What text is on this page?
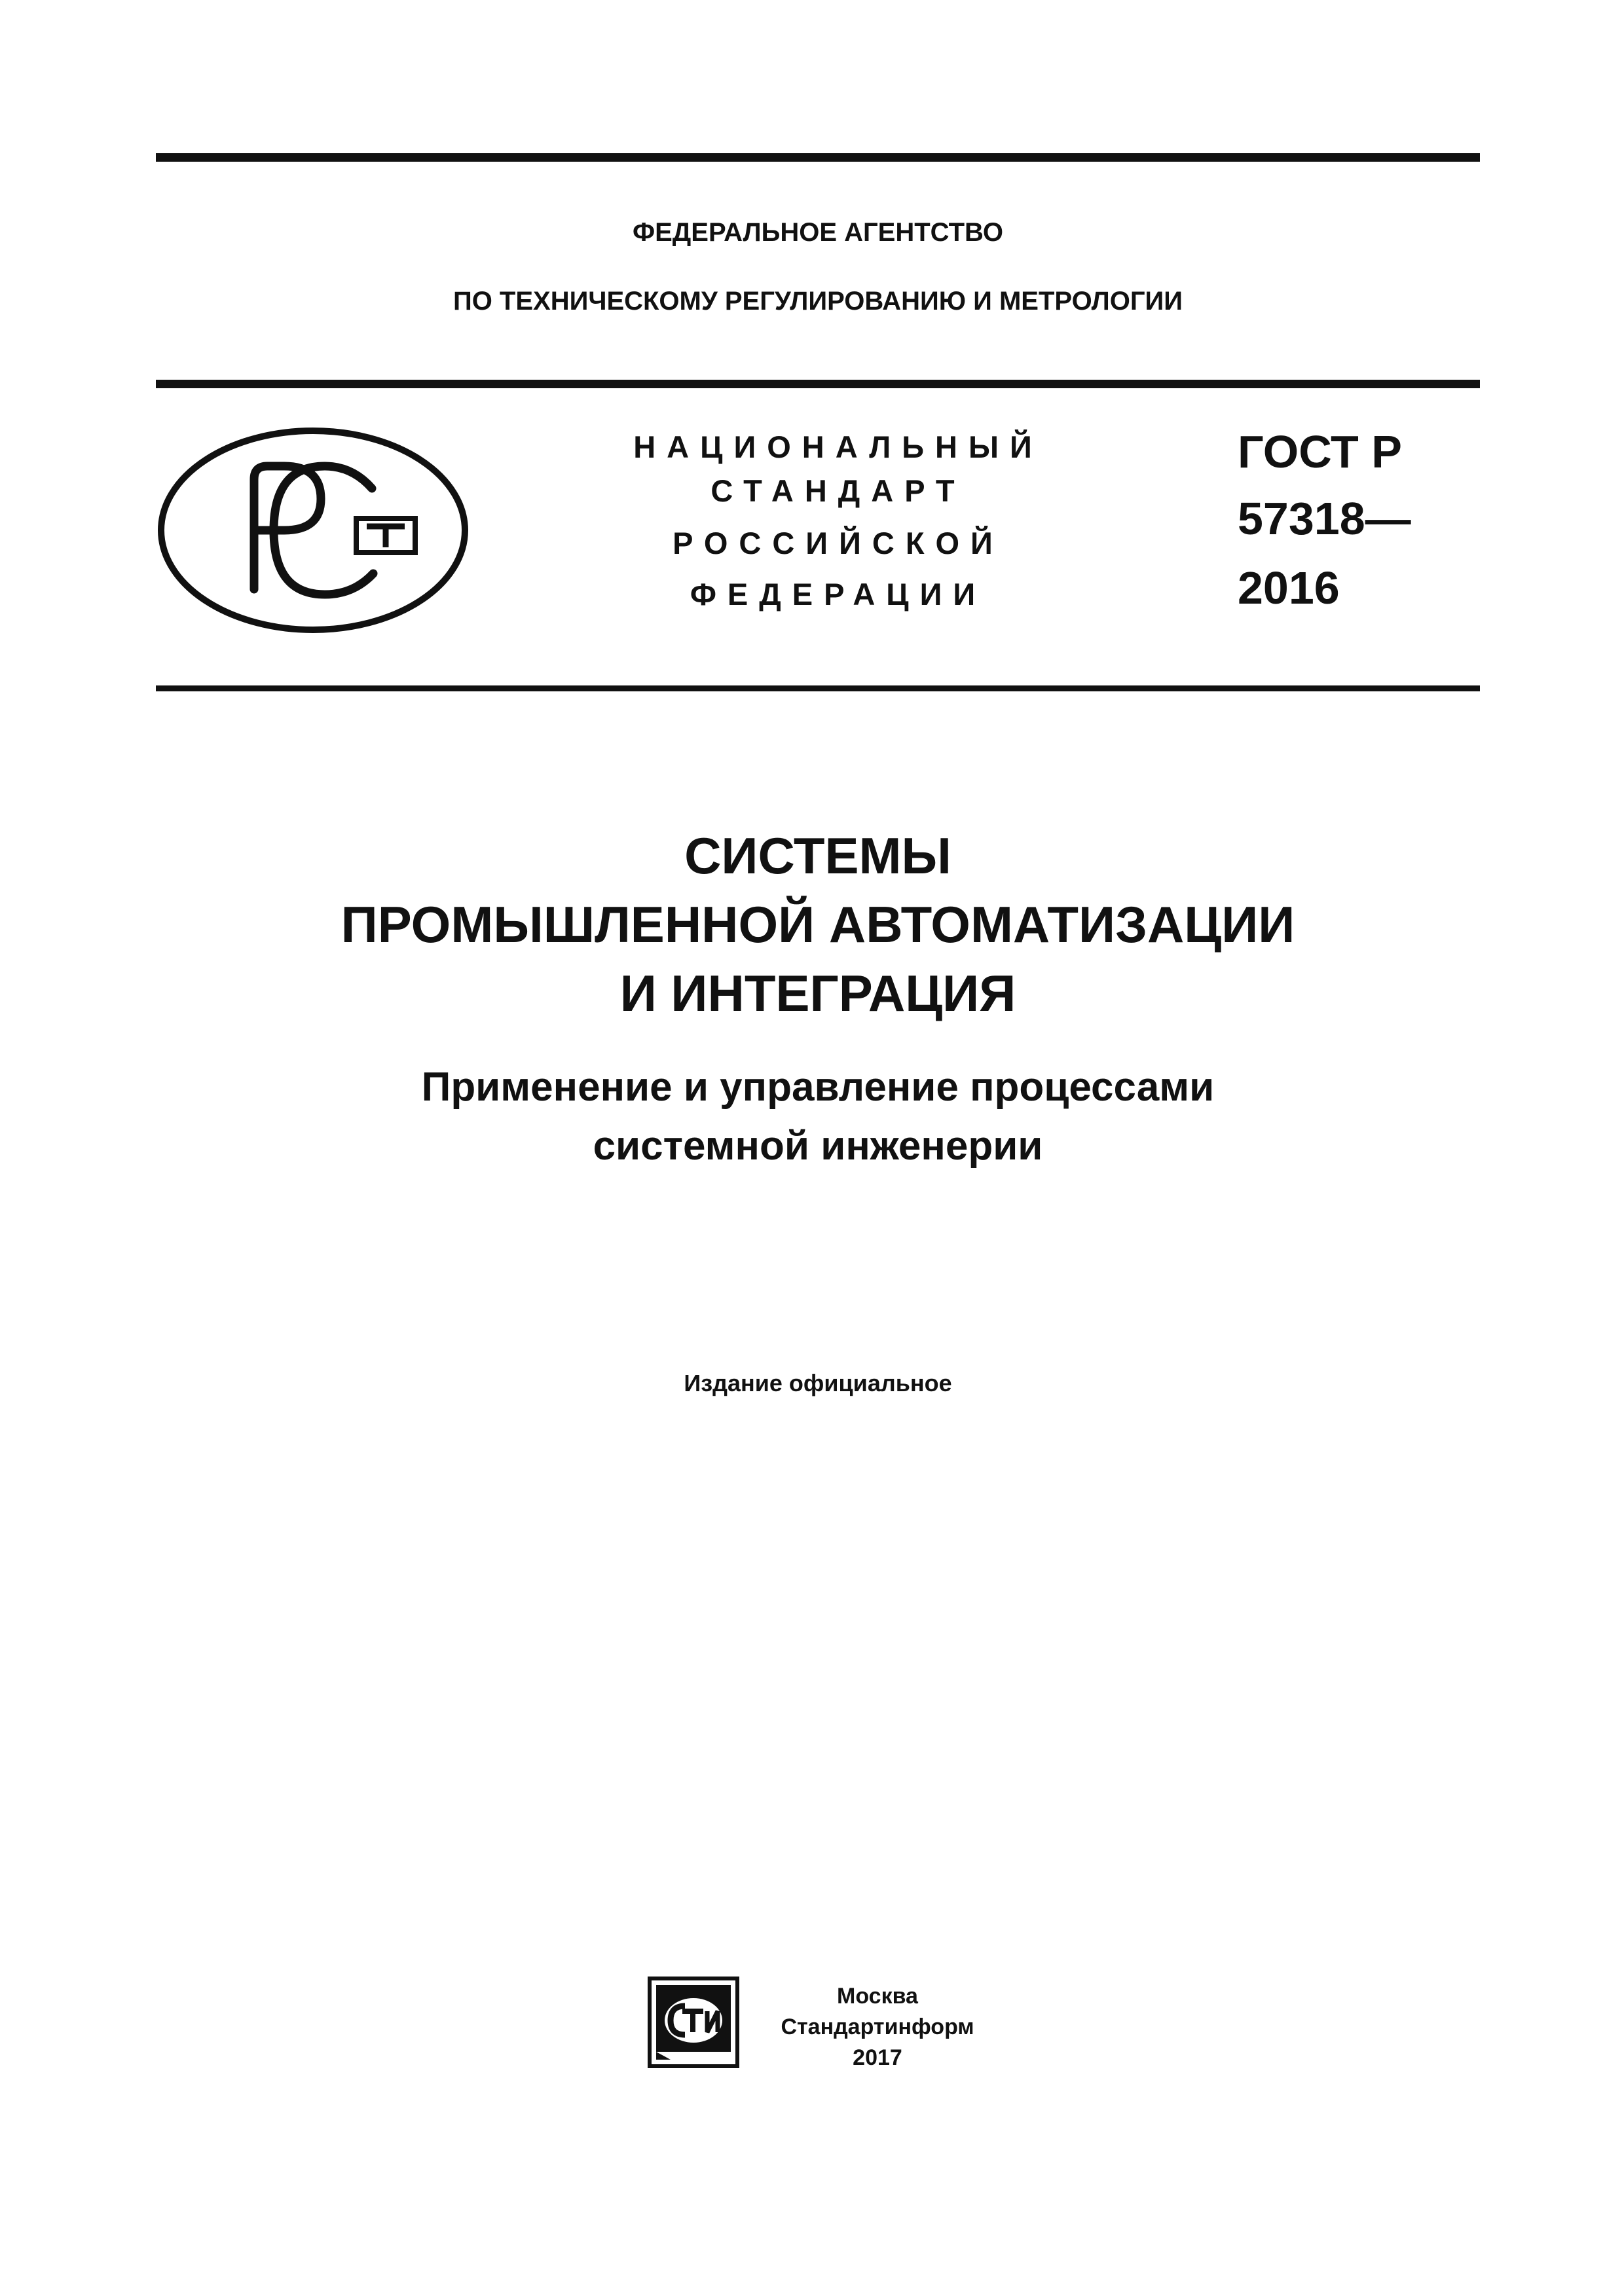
ФЕДЕРАЛЬНОЕ АГЕНТСТВО
ПО ТЕХНИЧЕСКОМУ РЕГУЛИРОВАНИЮ И МЕТРОЛОГИИ
НАЦИОНАЛЬНЫЙ
СТАНДАРТ
РОССИЙСКОЙ
ФЕДЕРАЦИИ
ГОСТ Р
57318—
2016
СИСТЕМЫ
ПРОМЫШЛЕННОЙ АВТОМАТИЗАЦИИ
И ИНТЕГРАЦИЯ
Применение и управление процессами
системной инженерии
Издание официальное
Москва
Стандартинформ
2017
